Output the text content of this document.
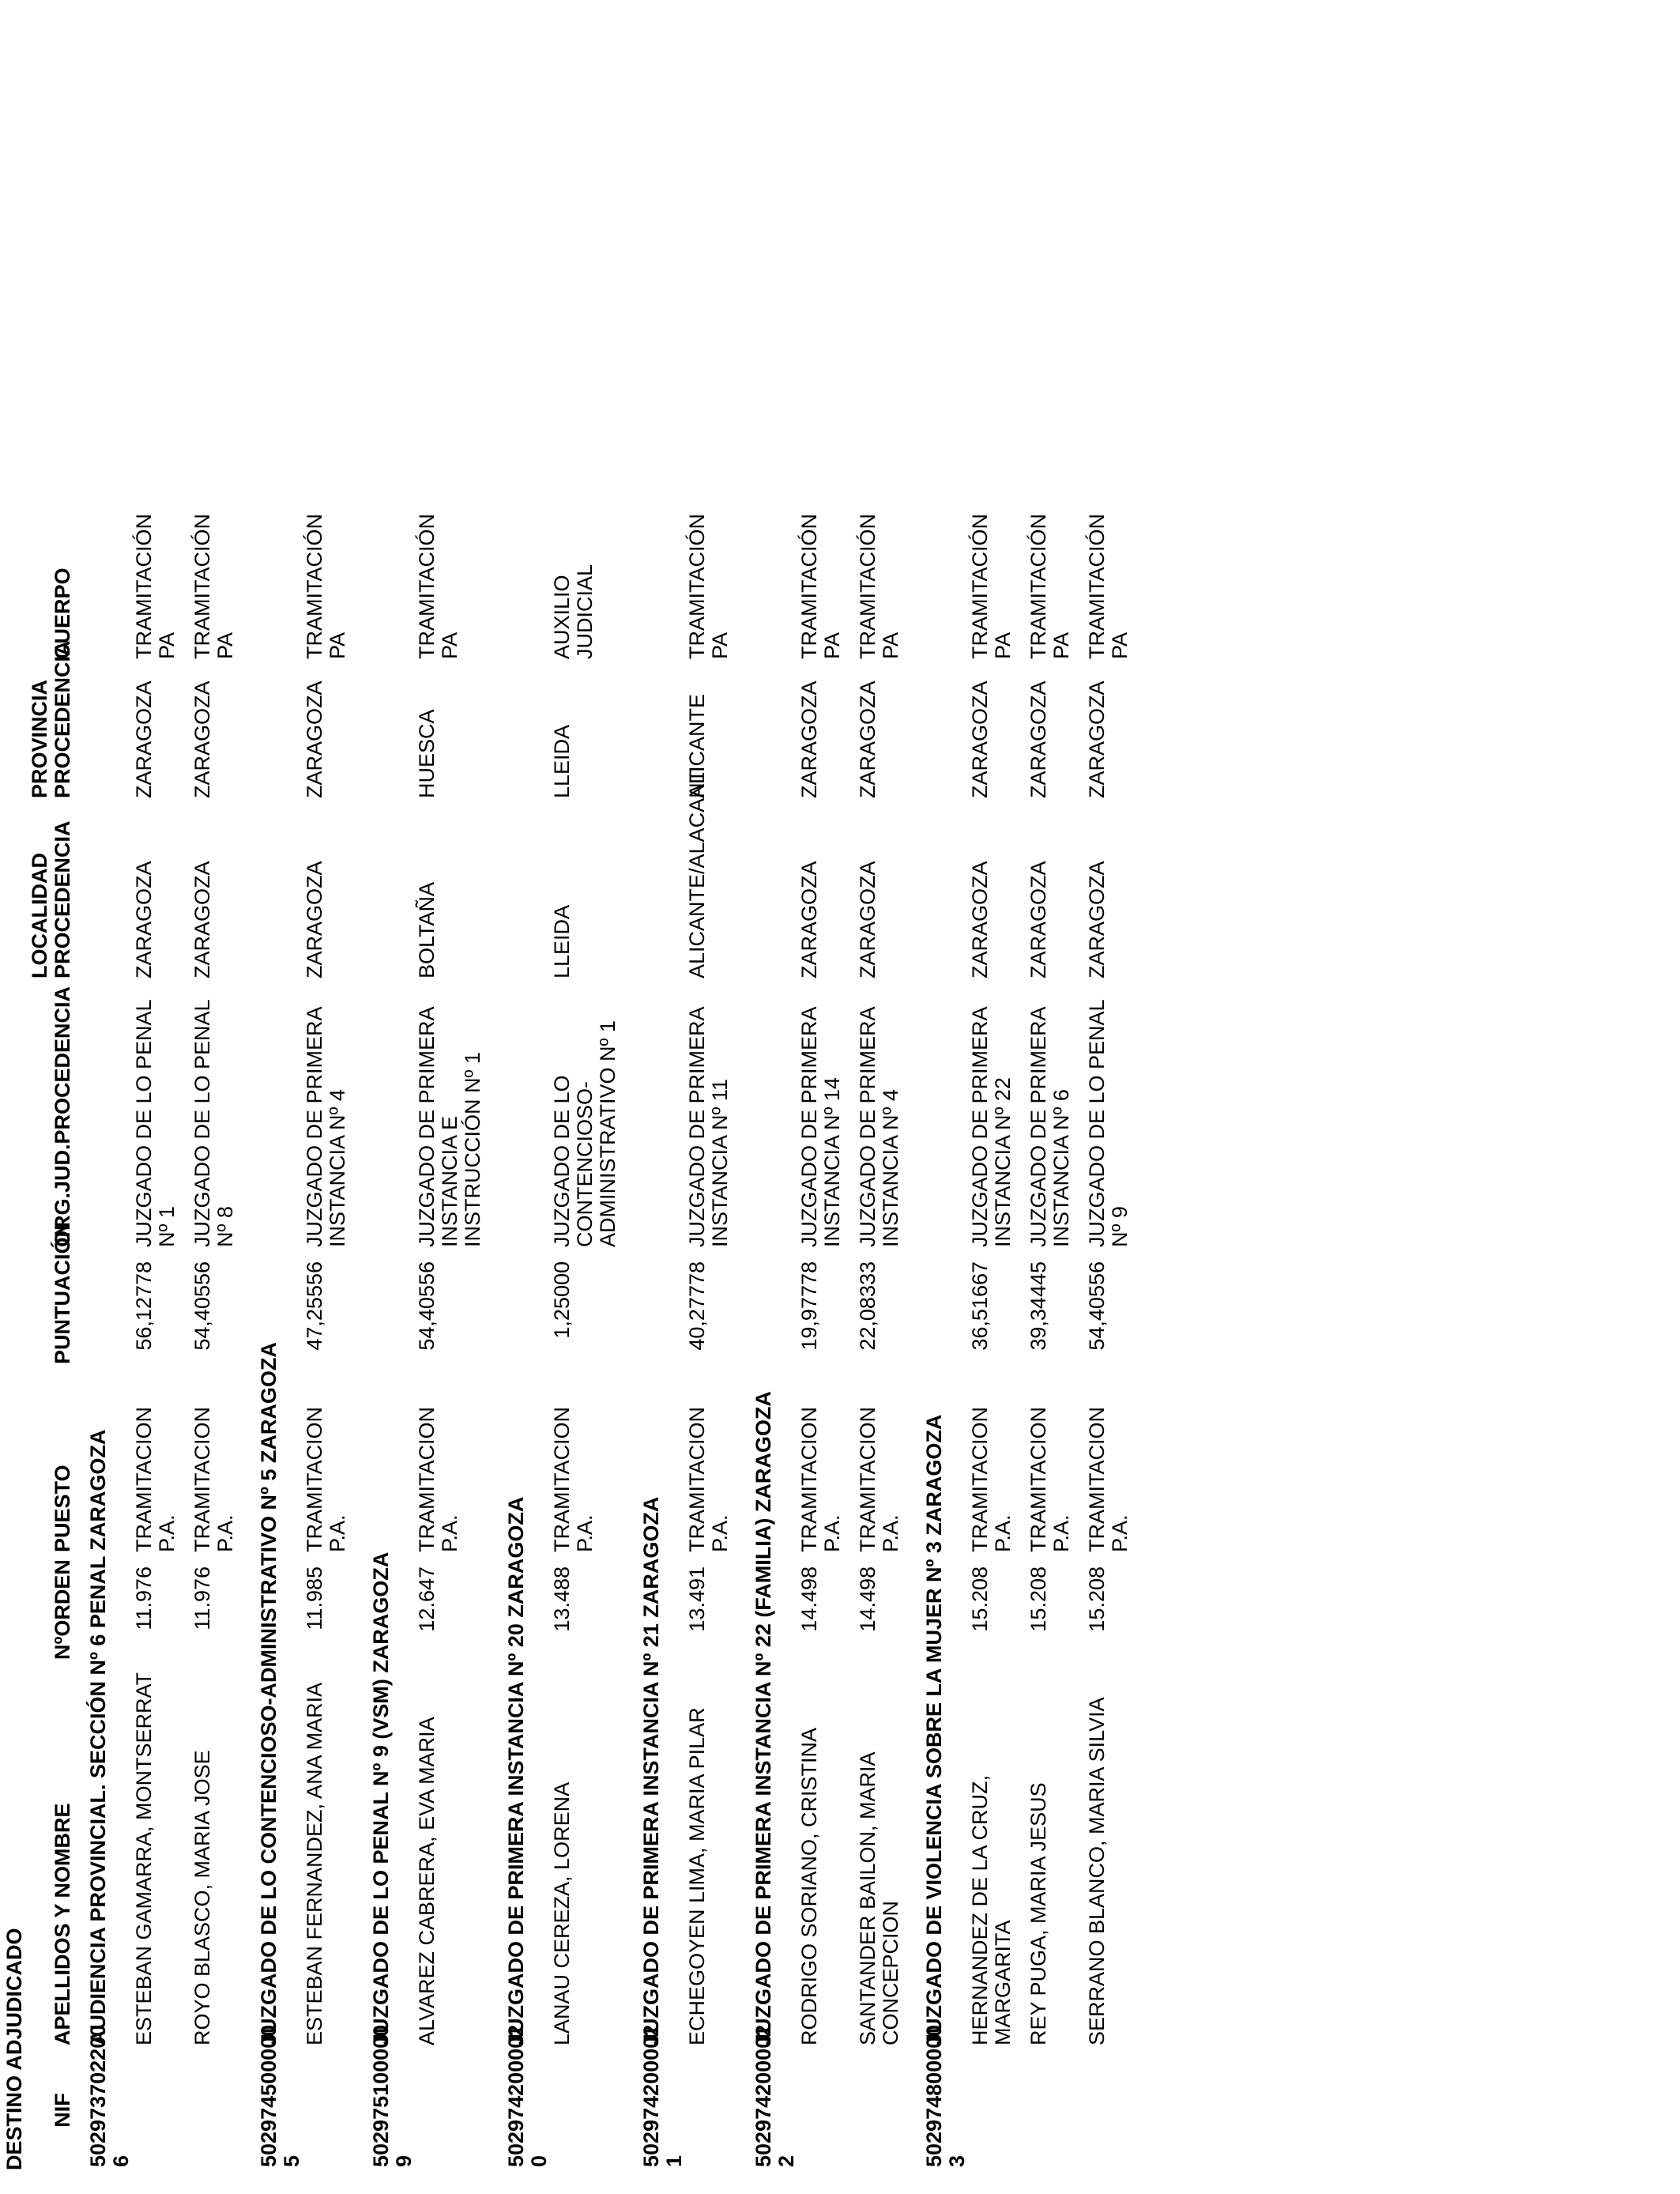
DESTINO ADJUDICADO NIF	APELLIDOS Y NOMBRE	NºORDEN	PUESTO	PUNTUACIÓN	ORG.JUD.PROCEDENCIA	LOCALIDAD
PROCEDENCIA	PROVINCIA
PROCEDENCIA	CUERPO
502973702200​6	AUDIENCIA PROVINCIAL. SECCIÓN Nº 6 PENAL ZARAGOZA							
	ESTEBAN GAMARRA, MONTSERRAT	11.976	TRAMITACION P.A.	56,12778	JUZGADO DE LO PENAL Nº 1	ZARAGOZA	ZARAGOZA	TRAMITACIÓN
PA
	ROYO BLASCO, MARIA JOSE	11.976	TRAMITACION P.A.	54,40556	JUZGADO DE LO PENAL Nº 8	ZARAGOZA	ZARAGOZA	TRAMITACIÓN
PA
502974500000​5	JUZGADO DE LO CONTENCIOSO-ADMINISTRATIVO Nº 5 ZARAGOZA							
	ESTEBAN FERNANDEZ, ANA MARIA	11.985	TRAMITACION P.A.	47,25556	JUZGADO DE PRIMERA
INSTANCIA Nº 4	ZARAGOZA	ZARAGOZA	TRAMITACIÓN
PA
502975100000​9	JUZGADO DE LO PENAL Nº 9 (VSM) ZARAGOZA							
	ALVAREZ CABRERA, EVA MARIA	12.647	TRAMITACION P.A.	54,40556	JUZGADO DE PRIMERA
INSTANCIA E INSTRUCCIÓN Nº 1	BOLTAÑA	HUESCA	TRAMITACIÓN
PA
502974200002​0	JUZGADO DE PRIMERA INSTANCIA Nº 20 ZARAGOZA							
	LANAU CEREZA, LORENA	13.488	TRAMITACION P.A.	1,25000	JUZGADO DE LO
CONTENCIOSO-
ADMINISTRATIVO Nº 1	LLEIDA	LLEIDA	AUXILIO
JUDICIAL
502974200002​1	JUZGADO DE PRIMERA INSTANCIA Nº 21 ZARAGOZA							
	ECHEGOYEN LIMA, MARIA PILAR	13.491	TRAMITACION P.A.	40,27778	JUZGADO DE PRIMERA
INSTANCIA Nº 11	ALICANTE/ALACANT	ALICANTE	TRAMITACIÓN
PA
502974200002​2	JUZGADO DE PRIMERA INSTANCIA Nº 22 (FAMILIA) ZARAGOZA							
	RODRIGO SORIANO, CRISTINA	14.498	TRAMITACION P.A.	19,97778	JUZGADO DE PRIMERA
INSTANCIA Nº 14	ZARAGOZA	ZARAGOZA	TRAMITACIÓN
PA
	SANTANDER BAILON, MARIA
CONCEPCION	14.498	TRAMITACION P.A.	22,08333	JUZGADO DE PRIMERA
INSTANCIA Nº 4	ZARAGOZA	ZARAGOZA	TRAMITACIÓN
PA
502974800000​3	JUZGADO DE VIOLENCIA SOBRE LA MUJER Nº 3 ZARAGOZA							
	HERNANDEZ DE LA CRUZ, MARGARITA	15.208	TRAMITACION P.A.	36,51667	JUZGADO DE PRIMERA
INSTANCIA Nº 22	ZARAGOZA	ZARAGOZA	TRAMITACIÓN
PA
	REY PUGA, MARIA JESUS	15.208	TRAMITACION P.A.	39,34445	JUZGADO DE PRIMERA
INSTANCIA Nº 6	ZARAGOZA	ZARAGOZA	TRAMITACIÓN
PA
	SERRANO BLANCO, MARIA SILVIA	15.208	TRAMITACION P.A.	54,40556	JUZGADO DE LO PENAL Nº 9	ZARAGOZA	ZARAGOZA	TRAMITACIÓN
PA
